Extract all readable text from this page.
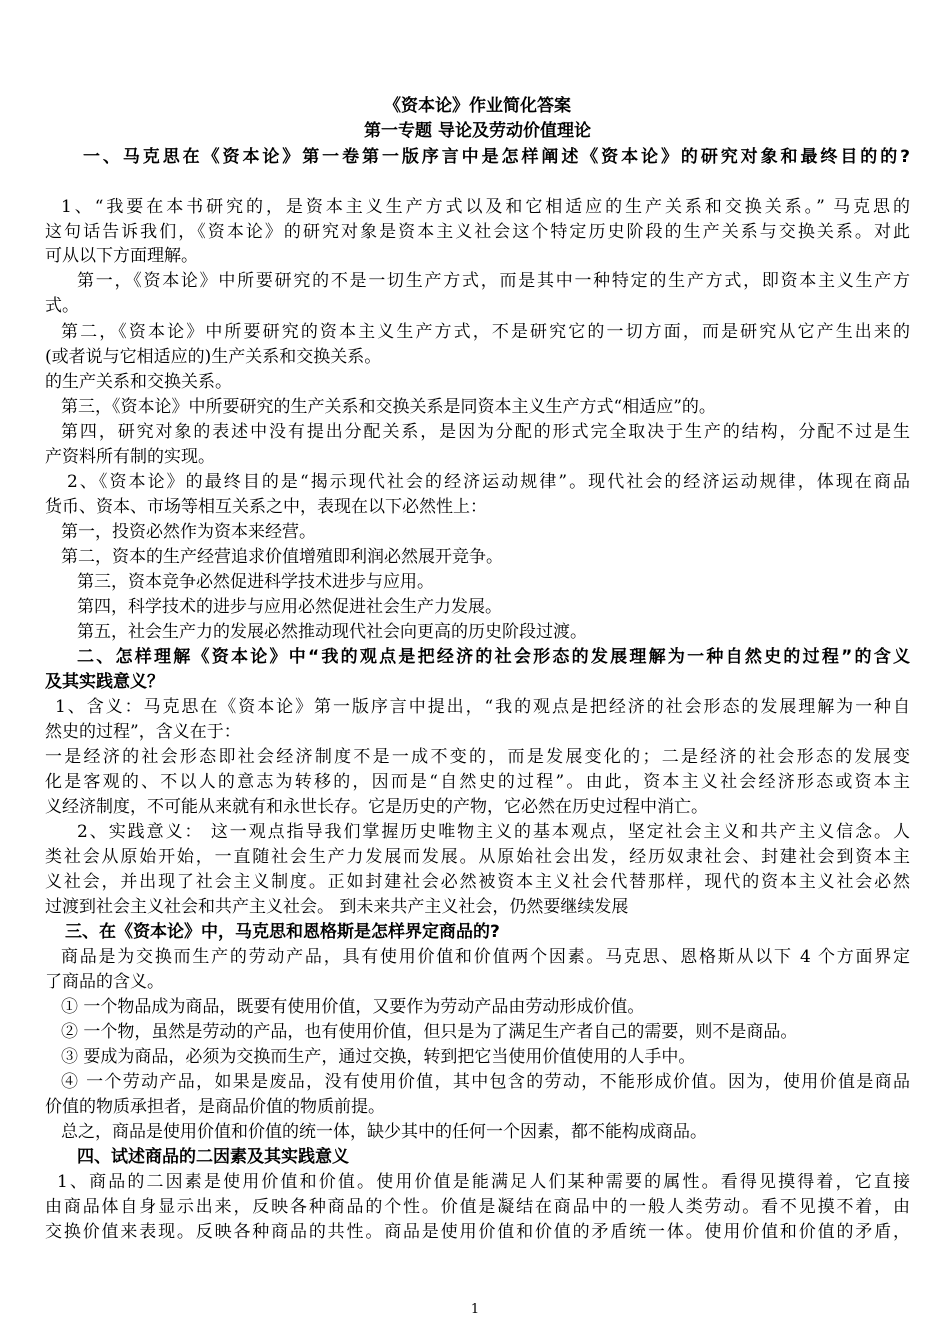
《资本论》作业简化答案
第一专题 导论及劳动价值理论
一、马克思在《资本论》第一卷第一版序言中是怎样阐述《资本论》的研究对象和最终目的的?
1、“我要在本书研究的，是资本主义生产方式以及和它相适应的生产关系和交换关系。” 马克思的
这句话告诉我们，《资本论》的研究对象是资本主义社会这个特定历史阶段的生产关系与交换关系。对此
可从以下方面理解。
第一，《资本论》中所要研究的不是一切生产方式，而是其中一种特定的生产方式，即资本主义生产方
式。
第二，《资本论》中所要研究的资本主义生产方式，不是研究它的一切方面，而是研究从它产生出来的
(或者说与它相适应的)生产关系和交换关系。
的生产关系和交换关系。
第三，《资本论》中所要研究的生产关系和交换关系是同资本主义生产方式“相适应”的。
第四，研究对象的表述中没有提出分配关系，是因为分配的形式完全取决于生产的结构，分配不过是生
产资料所有制的实现。
2、《资本论》的最终目的是“揭示现代社会的经济运动规律”。现代社会的经济运动规律，体现在商品
货币、资本、市场等相互关系之中，表现在以下必然性上：
第一，投资必然作为资本来经营。
第二，资本的生产经营追求价值增殖即利润必然展开竞争。
第三，资本竞争必然促进科学技术进步与应用。
第四，科学技术的进步与应用必然促进社会生产力发展。
第五，社会生产力的发展必然推动现代社会向更高的历史阶段过渡。
二、怎样理解《资本论》中“我的观点是把经济的社会形态的发展理解为一种自然史的过程”的含义
及其实践意义？
1、含义：马克思在《资本论》第一版序言中提出，“我的观点是把经济的社会形态的发展理解为一种自
然史的过程”，含义在于：
一是经济的社会形态即社会经济制度不是一成不变的，而是发展变化的；二是经济的社会形态的发展变
化是客观的、不以人的意志为转移的，因而是“自然史的过程”。由此，资本主义社会经济形态或资本主
义经济制度，不可能从来就有和永世长存。它是历史的产物，它必然在历史过程中消亡。
2、实践意义： 这一观点指导我们掌握历史唯物主义的基本观点，坚定社会主义和共产主义信念。人
类社会从原始开始，一直随社会生产力发展而发展。从原始社会出发，经历奴隶社会、封建社会到资本主
义社会，并出现了社会主义制度。正如封建社会必然被资本主义社会代替那样，现代的资本主义社会必然
过渡到社会主义社会和共产主义社会。 到未来共产主义社会，仍然要继续发展
三、在《资本论》中，马克思和恩格斯是怎样界定商品的?
商品是为交换而生产的劳动产品，具有使用价值和价值两个因素。马克思、恩格斯从以下 4 个方面界定
了商品的含义。
① 一个物品成为商品，既要有使用价值，又要作为劳动产品由劳动形成价值。
② 一个物，虽然是劳动的产品，也有使用价值，但只是为了满足生产者自己的需要，则不是商品。
③ 要成为商品，必须为交换而生产，通过交换，转到把它当使用价值使用的人手中。
④ 一个劳动产品，如果是废品，没有使用价值，其中包含的劳动，不能形成价值。因为，使用价值是商品
价值的物质承担者，是商品价值的物质前提。
总之，商品是使用价值和价值的统一体，缺少其中的任何一个因素，都不能构成商品。
四、试述商品的二因素及其实践意义
1、商品的二因素是使用价值和价值。使用价值是能满足人们某种需要的属性。看得见摸得着，它直接
由商品体自身显示出来，反映各种商品的个性。价值是凝结在商品中的一般人类劳动。看不见摸不着，由
交换价值来表现。反映各种商品的共性。商品是使用价值和价值的矛盾统一体。使用价值和价值的矛盾，
1
